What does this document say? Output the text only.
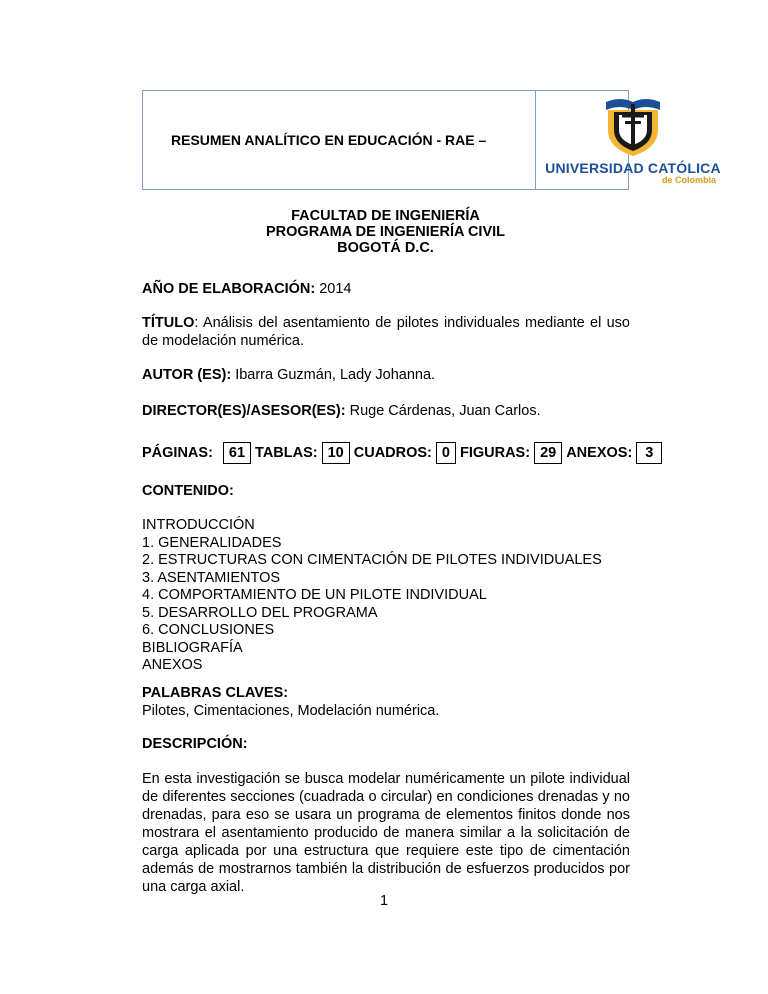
RESUMEN ANALÍTICO EN EDUCACIÓN - RAE –
UNIVERSIDAD CATÓLICA
de Colombia
FACULTAD DE INGENIERÍA
PROGRAMA DE INGENIERÍA CIVIL
BOGOTÁ D.C.
AÑO DE ELABORACIÓN: 2014
TÍTULO: Análisis del asentamiento de pilotes individuales mediante el uso de modelación numérica.
AUTOR (ES): Ibarra Guzmán, Lady Johanna.
DIRECTOR(ES)/ASESOR(ES): Ruge Cárdenas, Juan Carlos.
PÁGINAS:	61 TABLAS: 10 CUADROS: 0 FIGURAS: 29 ANEXOS: 3
CONTENIDO:
INTRODUCCIÓN
1. GENERALIDADES
2. ESTRUCTURAS CON CIMENTACIÓN DE PILOTES INDIVIDUALES
3. ASENTAMIENTOS
4. COMPORTAMIENTO DE UN PILOTE INDIVIDUAL
5. DESARROLLO DEL PROGRAMA
6. CONCLUSIONES
BIBLIOGRAFÍA
ANEXOS
PALABRAS CLAVES:
Pilotes, Cimentaciones, Modelación numérica.
DESCRIPCIÓN:
En esta investigación se busca modelar numéricamente un pilote individual de diferentes secciones (cuadrada o circular) en condiciones drenadas y no drenadas, para eso se usara un programa de elementos finitos donde nos mostrara el asentamiento producido de manera similar a la solicitación de carga aplicada por una estructura que requiere este tipo de cimentación además de mostrarnos también la distribución de esfuerzos producidos por una carga axial.
1
